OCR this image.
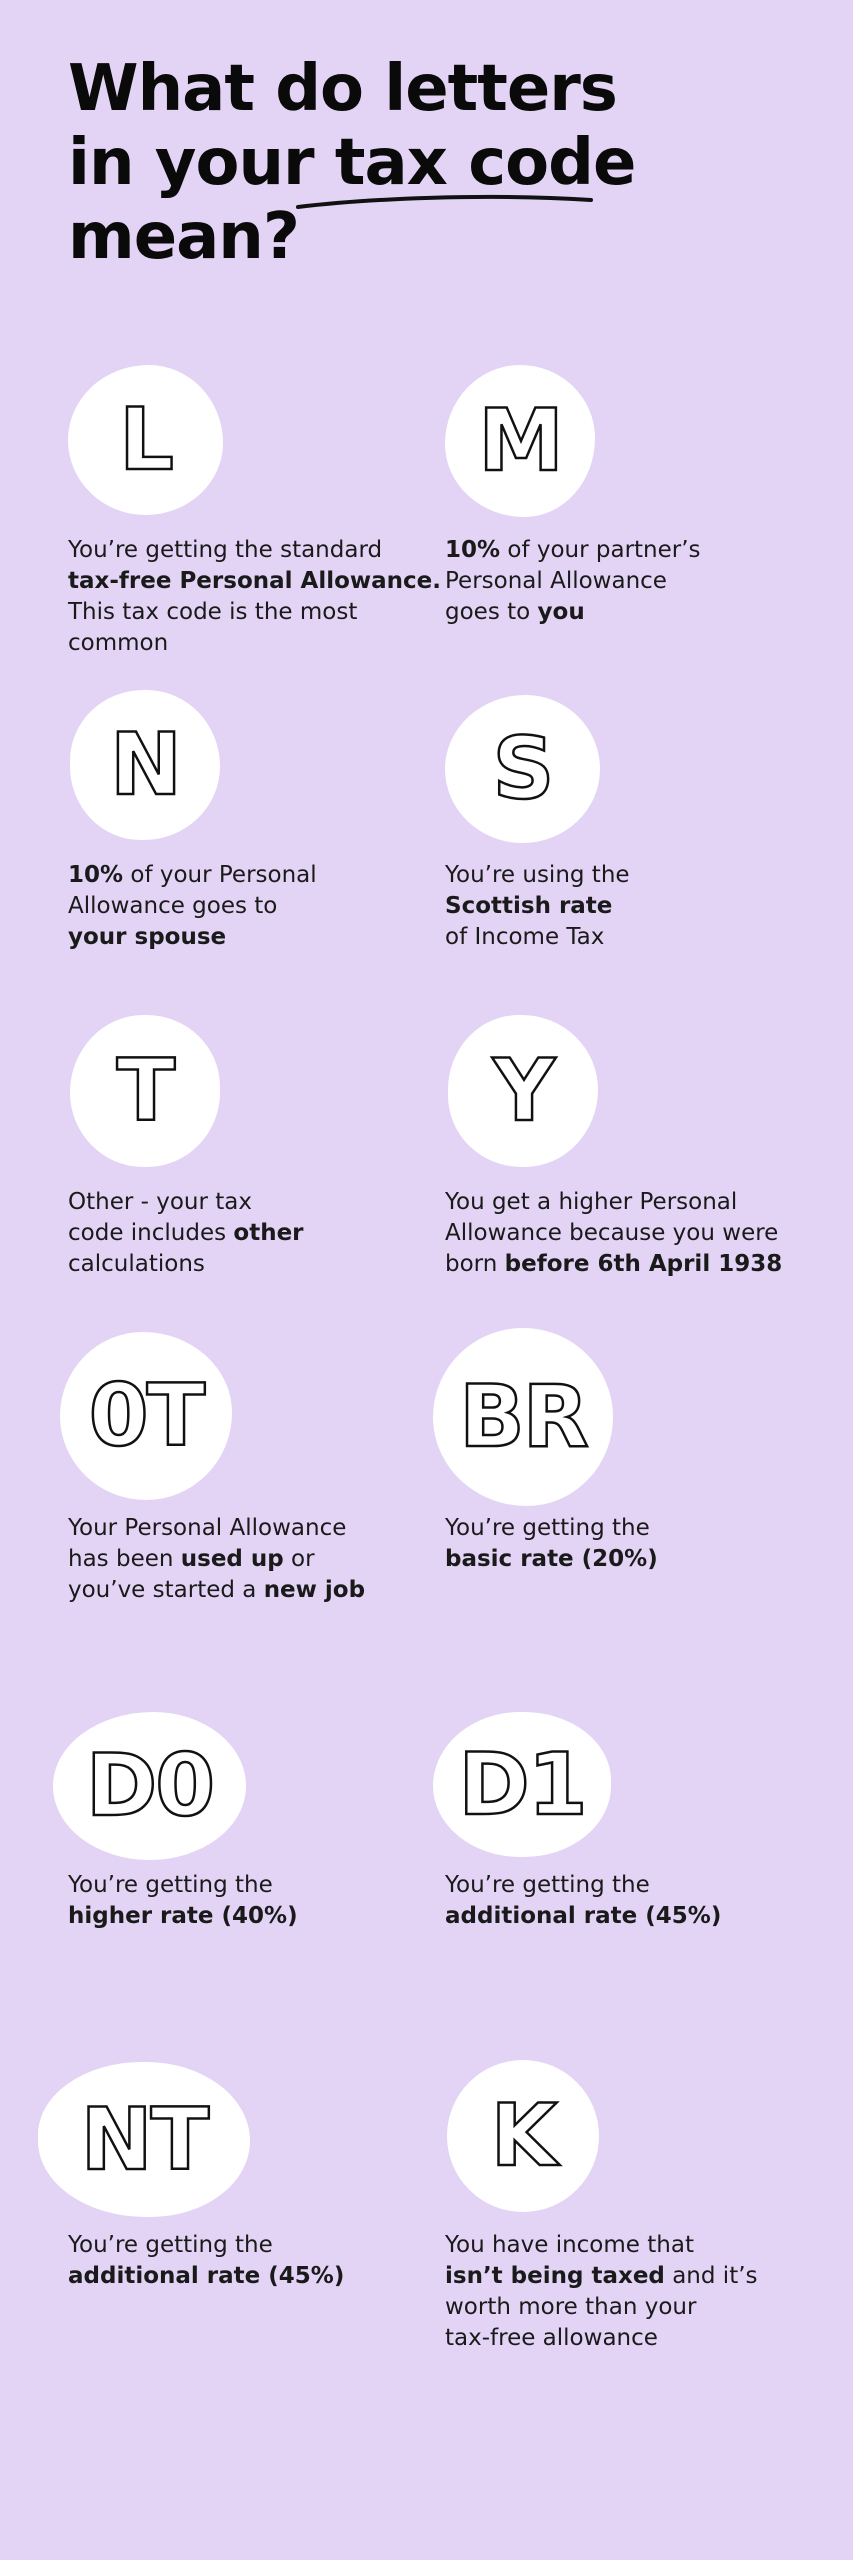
What do letters
in your tax code
mean?
L

You’re getting the standard
tax-free Personal Allowance.
This tax code is the most
common

M

10% of your partner’s
Personal Allowance
goes to you

N

10% of your Personal
Allowance goes to
your spouse

S

You’re using the
Scottish rate
of Income Tax

T

Other - your tax
code includes other
calculations

Y

You get a higher Personal
Allowance because you were
born before 6th April 1938

0T

Your Personal Allowance
has been used up or
you’ve started a new job

BR

You’re getting the
basic rate (20%)

D0

You’re getting the
higher rate (40%)

D1

You’re getting the
additional rate (45%)

NT

You’re getting the
additional rate (45%)

K

You have income that
isn’t being taxed and it’s
worth more than your
tax-free allowance
